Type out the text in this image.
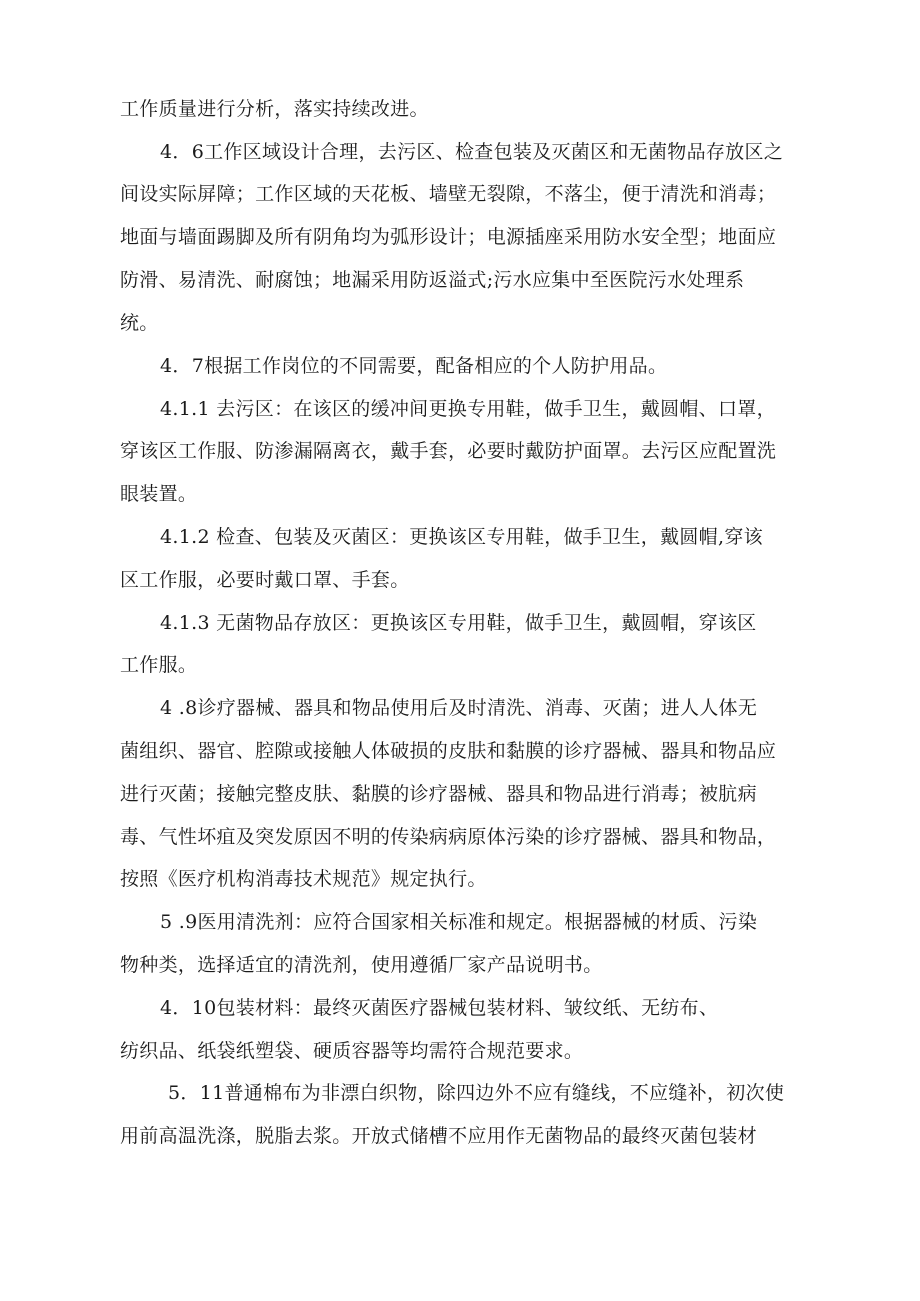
工作质量进行分析，落实持续改进。
4．6工作区域设计合理，去污区、检查包装及灭菌区和无菌物品存放区之
间设实际屏障；工作区域的天花板、墙壁无裂隙，不落尘，便于清洗和消毒；
地面与墙面踢脚及所有阴角均为弧形设计；电源插座采用防水安全型；地面应
防滑、易清洗、耐腐蚀；地漏采用防返溢式;污水应集中至医院污水处理系
统。
4．7根据工作岗位的不同需要，配备相应的个人防护用品。
4.1.1 去污区：在该区的缓冲间更换专用鞋，做手卫生，戴圆帽、口罩，
穿该区工作服、防渗漏隔离衣，戴手套，必要时戴防护面罩。去污区应配置洗
眼装置。
4.1.2 检查、包装及灭菌区：更换该区专用鞋，做手卫生，戴圆帽,穿该
区工作服，必要时戴口罩、手套。
4.1.3 无菌物品存放区：更换该区专用鞋，做手卫生，戴圆帽，穿该区
工作服。
4 .8诊疗器械、器具和物品使用后及时清洗、消毒、灭菌；进人人体无
菌组织、器官、腔隙或接触人体破损的皮肤和黏膜的诊疗器械、器具和物品应
进行灭菌；接触完整皮肤、黏膜的诊疗器械、器具和物品进行消毒；被肮病
毒、气性坏疽及突发原因不明的传染病病原体污染的诊疗器械、器具和物品，
按照《医疗机构消毒技术规范》规定执行。
5 .9医用清洗剂：应符合国家相关标准和规定。根据器械的材质、污染
物种类，选择适宜的清洗剂，使用遵循厂家产品说明书。
4．10包装材料：最终灭菌医疗器械包装材料、皱纹纸、无纺布、
纺织品、纸袋纸塑袋、硬质容器等均需符合规范要求。
5．11普通棉布为非漂白织物，除四边外不应有缝线，不应缝补，初次使
用前高温洗涤，脱脂去浆。开放式储槽不应用作无菌物品的最终灭菌包装材
